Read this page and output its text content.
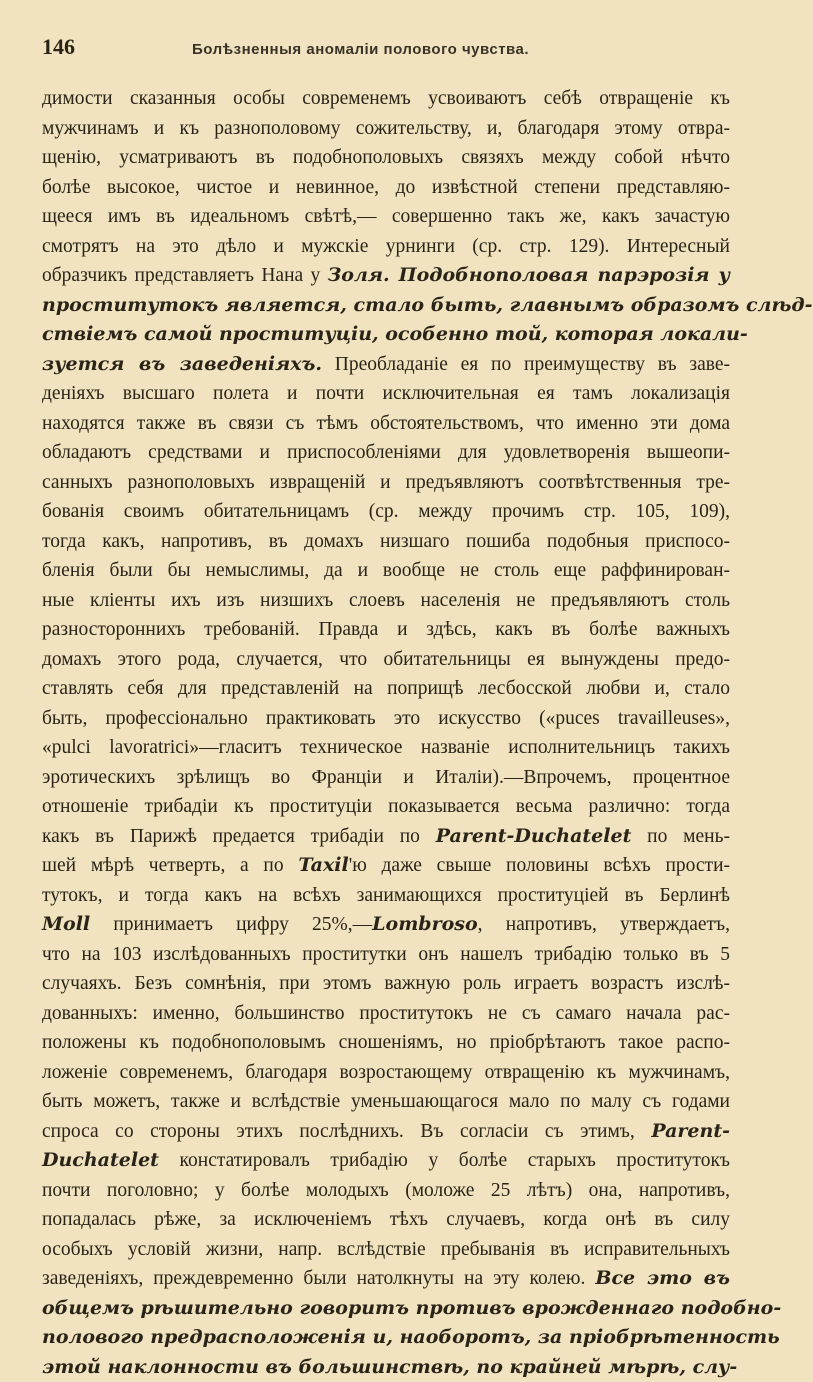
146	Болѣзненныя аномаліи полового чувства.
димости сказанныя особы современемъ усвоиваютъ себѣ отвращеніе къ
мужчинамъ и къ разнополовому сожительству, и, благодаря этому отвра-
щенію, усматриваютъ въ подобнополовыхъ связяхъ между собой нѣчто
болѣе высокое, чистое и невинное, до извѣстной степени представляю-
щееся имъ въ идеальномъ свѣтѣ,— совершенно такъ же, какъ зачастую
смотрятъ на это дѣло и мужскіе урнинги (ср. стр. 129). Интересный
образчикъ представляетъ Нана у Золя. Подобнополовая парэрозія у
проститутокъ является, стало быть, главнымъ образомъ слѣд-
ствіемъ самой проституціи, особенно той, которая локали-
зуется въ заведеніяхъ. Преобладаніе ея по преимуществу въ заве-
деніяхъ высшаго полета и почти исключительная ея тамъ локализація
находятся также въ связи съ тѣмъ обстоятельствомъ, что именно эти дома
обладаютъ средствами и приспособленіями для удовлетворенія вышеопи-
санныхъ разнополовыхъ извращеній и предъявляютъ соотвѣтственныя тре-
бованія своимъ обитательницамъ (ср. между прочимъ стр. 105, 109),
тогда какъ, напротивъ, въ домахъ низшаго пошиба подобныя приспосо-
бленія были бы немыслимы, да и вообще не столь еще раффинирован-
ные кліенты ихъ изъ низшихъ слоевъ населенія не предъявляютъ столь
разностороннихъ требованій. Правда и здѣсь, какъ въ болѣе важныхъ
домахъ этого рода, случается, что обитательницы ея вынуждены предо-
ставлять себя для представленій на поприщѣ лесбосской любви и, стало
быть, профессіонально практиковать это искусство («puces travailleuses»,
«pulci lavoratrici»—гласитъ техническое названіе исполнительницъ такихъ
эротическихъ зрѣлищъ во Франціи и Италіи).—Впрочемъ, процентное
отношеніе трибадіи къ проституціи показывается весьма различно: тогда
какъ въ Парижѣ предается трибадіи по Parent-Duchatelet по мень-
шей мѣрѣ четверть, а по Taxil'ю даже свыше половины всѣхъ прости-
тутокъ, и тогда какъ на всѣхъ занимающихся проституціей въ Берлинѣ
Moll принимаетъ цифру 25%,—Lombroso, напротивъ, утверждаетъ,
что на 103 изслѣдованныхъ проститутки онъ нашелъ трибадію только въ 5
случаяхъ. Безъ сомнѣнія, при этомъ важную роль играетъ возрастъ изслѣ-
дованныхъ: именно, большинство проститутокъ не съ самаго начала рас-
положены къ подобнополовымъ сношеніямъ, но пріобрѣтаютъ такое распо-
ложеніе современемъ, благодаря возростающему отвращенію къ мужчинамъ,
быть можетъ, также и вслѣдствіе уменьшающагося мало по малу съ годами
спроса со стороны этихъ послѣднихъ. Въ согласіи съ этимъ, Parent-
Duchatelet констатировалъ трибадію у болѣе старыхъ проститутокъ
почти поголовно; у болѣе молодыхъ (моложе 25 лѣтъ) она, напротивъ,
попадалась рѣже, за исключеніемъ тѣхъ случаевъ, когда онѣ въ силу
особыхъ условій жизни, напр. вслѣдствіе пребыванія въ исправительныхъ
заведеніяхъ, преждевременно были натолкнуты на эту колею. Все это въ
общемъ рѣшительно говоритъ противъ врожденнаго подобно-
полового предрасположенія и, наоборотъ, за пріобрѣтенность
этой наклонности въ большинствѣ, по крайней мѣрѣ, слу-
